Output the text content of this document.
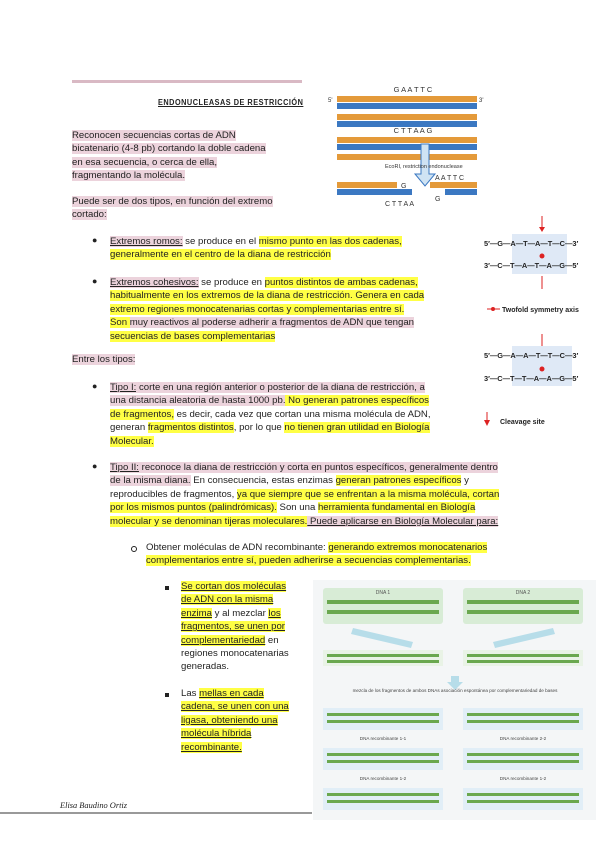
ENDONUCLEASAS DE RESTRICCIÓN
Reconocen secuencias cortas de ADN
bicatenario (4-8 pb) cortando la doble cadena
en esa secuencia, o cerca de ella,
fragmentando la molécula.
Puede ser de dos tipos, en función del extremo
cortado:
● Extremos romos: se produce en el mismo punto en las dos cadenas,
generalmente en el centro de la diana de restricción
● Extremos cohesivos: se produce en puntos distintos de ambas cadenas,
habitualmente en los extremos de la diana de restricción. Genera en cada
extremo regiones monocatenarias cortas y complementarias entre sí.
Son muy reactivos al poderse adherir a fragmentos de ADN que tengan
secuencias de bases complementarias
Entre los tipos:
● Tipo I: corte en una región anterior o posterior de la diana de restricción, a
una distancia aleatoria de hasta 1000 pb. No generan patrones específicos
de fragmentos, es decir, cada vez que cortan una misma molécula de ADN,
generan fragmentos distintos, por lo que no tienen gran utilidad en Biología
Molecular.
● Tipo II: reconoce la diana de restricción y corta en puntos específicos, generalmente dentro
de la misma diana. En consecuencia, estas enzimas generan patrones específicos y
reproducibles de fragmentos, ya que siempre que se enfrentan a la misma molécula, cortan
por los mismos puntos (palindrómicas). Son una herramienta fundamental en Biología
molecular y se denominan tijeras moleculares. Puede aplicarse en Biología Molecular para:
Obtener moléculas de ADN recombinante: generando extremos monocatenarios
complementarios entre sí, pueden adherirse a secuencias complementarias.
Se cortan dos moléculas
de ADN con la misma
enzima y al mezclar los
fragmentos, se unen por
complementariedad en
regiones monocatenarias
generadas.
Las mellas en cada
cadena, se unen con una
ligasa, obteniendo una
molécula híbrida
recombinante.
Elisa Baudino Ortiz
G A A T T C
3'
5'
C T T A A G
EcoRI, restriction endonuclease
A A T T C
G
G
C T T A A
5′—G—A—T—A—T—C—3′
3′—C—T—A—T—A—G—5′
Twofold symmetry axis
5′—G—A—A—T—T—C—3′
3′—C—T—T—A—A—G—5′
Cleavage site
DNA 1	DNA 2
mezcla de los fragmentos de ambos DNAs asociación espontánea por complementariedad de bases
DNA recombinante 1-1	DNA recombinante 2-2
DNA recombinante 1-2	DNA recombinante 1-2
